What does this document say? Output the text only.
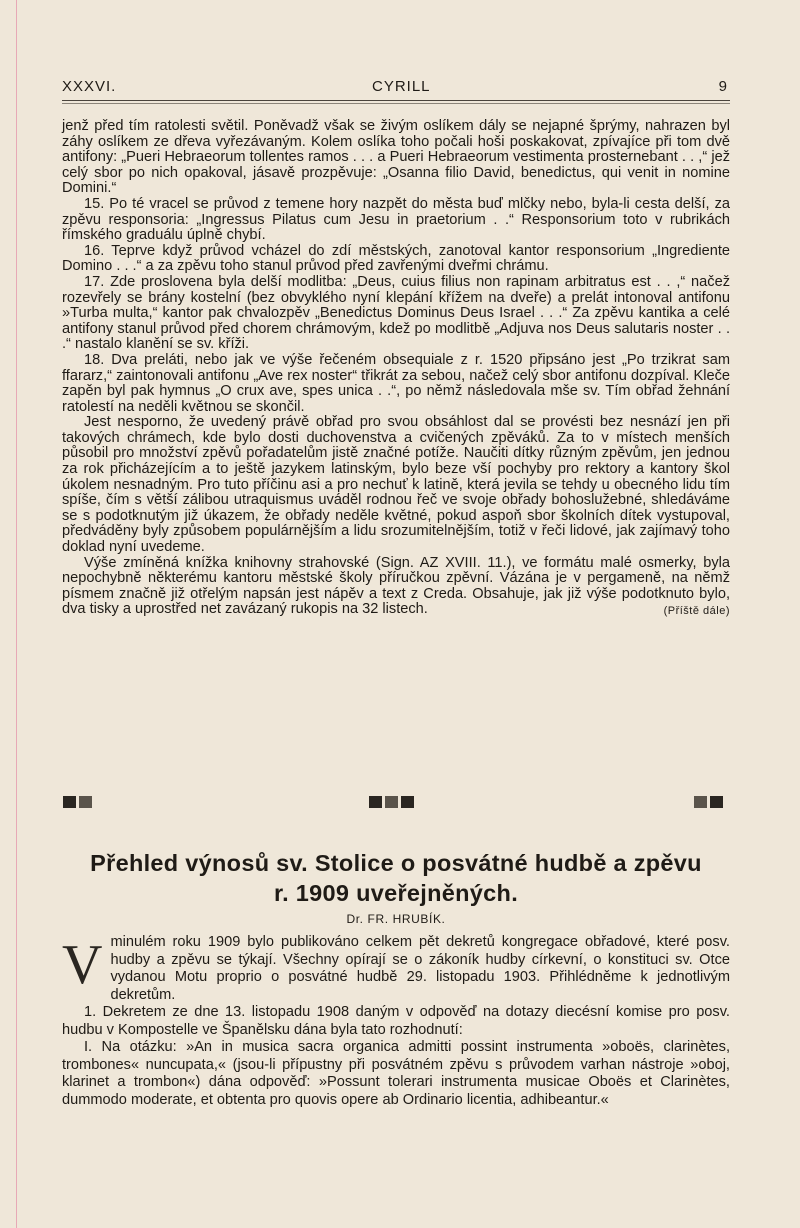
XXXVI.	CYRILL	9

jenž před tím ratolesti světil. Poněvadž však se živým oslíkem dály se nejapné šprýmy, nahrazen byl záhy oslíkem ze dřeva vyřezávaným. Kolem oslíka toho počali hoši poskakovat, zpívajíce při tom dvě antifony: „Pueri Hebraeorum tollentes ramos . . . a Pueri Hebraeorum vestimenta prosternebant . . ,“ jež celý sbor po nich opakoval, jásavě prozpěvuje: „Osanna filio David, benedictus, qui venit in nomine Domini.“

15. Po té vracel se průvod z temene hory nazpět do města buď mlčky nebo, byla-li cesta delší, za zpěvu responsoria: „Ingressus Pilatus cum Jesu in praetorium . .“ Responsorium toto v rubrikách římského graduálu úplně chybí.

16. Teprve když průvod vcházel do zdí městských, zanotoval kantor responsorium „Ingrediente Domino . . .“ a za zpěvu toho stanul průvod před zavřenými dveřmi chrámu.

17. Zde proslovena byla delší modlitba: „Deus, cuius filius non rapinam arbitratus est . . ,“ načež rozevřely se brány kostelní (bez obvyklého nyní klepání křížem na dveře) a prelát intonoval antifonu »Turba multa,“ kantor pak chvalozpěv „Benedictus Dominus Deus Israel . . .“ Za zpěvu kantika a celé antifony stanul průvod před chorem chrámovým, kdež po modlitbě „Adjuva nos Deus salutaris noster . . .“ nastalo klanění se sv. kříži.

18. Dva preláti, nebo jak ve výše řečeném obsequiale z r. 1520 připsáno jest „Po trzikrat sam ffararz,“ zaintonovali antifonu „Ave rex noster“ třikrát za sebou, načež celý sbor antifonu dozpíval. Kleče zapěn byl pak hymnus „O crux ave, spes unica . .“, po němž následovala mše sv. Tím obřad žehnání ratolestí na neděli květnou se skončil.

Jest nesporno, že uvedený právě obřad pro svou obsáhlost dal se provésti bez nesnází jen při takových chrámech, kde bylo dosti duchovenstva a cvičených zpěváků. Za to v místech menších působil pro množství zpěvů pořadatelům jistě značné potíže. Naučiti dítky různým zpěvům, jen jednou za rok přicházejícím a to ještě jazykem latinským, bylo beze vší pochyby pro rektory a kantory škol úkolem nesnadným. Pro tuto příčinu asi a pro nechuť k latině, která jevila se tehdy u obecného lidu tím spíše, čím s větší zálibou utraquismus uváděl rodnou řeč ve svoje obřady bohoslužebné, shledáváme se s podotknutým již úkazem, že obřady neděle květné, pokud aspoň sbor školních dítek vystupoval, předváděny byly způsobem populárnějším a lidu srozumitelnějším, totiž v řeči lidové, jak zajímavý toho doklad nyní uvedeme.

Výše zmíněná knížka knihovny strahovské (Sign. AZ XVIII. 11.), ve formátu malé osmerky, byla nepochybně některému kantoru městské školy příručkou zpěvní. Vázána je v pergameně, na němž písmem značně již otřelým napsán jest nápěv a text z Creda. Obsahuje, jak již výše podotknuto bylo, dva tisky a uprostřed net zavázaný rukopis na 32 listech.	(Příště dále)

Přehled výnosů sv. Stolice o posvátné hudbě a zpěvu
r. 1909 uveřejněných.
Dr. FR. HRUBÍK.

Vminulém roku 1909 bylo publikováno celkem pět dekretů kongregace obřadové, které posv. hudby a zpěvu se týkají. Všechny opírají se o zákoník hudby církevní, o konstituci sv. Otce vydanou Motu proprio o posvátné hudbě 29. listopadu 1903. Přihlédněme k jednotlivým dekretům.

1. Dekretem ze dne 13. listopadu 1908 daným v odpověď na dotazy diecésní komise pro posv. hudbu v Kompostelle ve Španělsku dána byla tato rozhodnutí:

I. Na otázku: »An in musica sacra organica admitti possint instrumenta »oboës, clarinètes, trombones« nuncupata,« (jsou-li přípustny při posvátném zpěvu s průvodem varhan nástroje »oboj, klarinet a trombon«) dána odpověď: »Possunt tolerari instrumenta musicae Oboës et Clarinètes, dummodo moderate, et obtenta pro quovis opere ab Ordinario licentia, adhibeantur.«
